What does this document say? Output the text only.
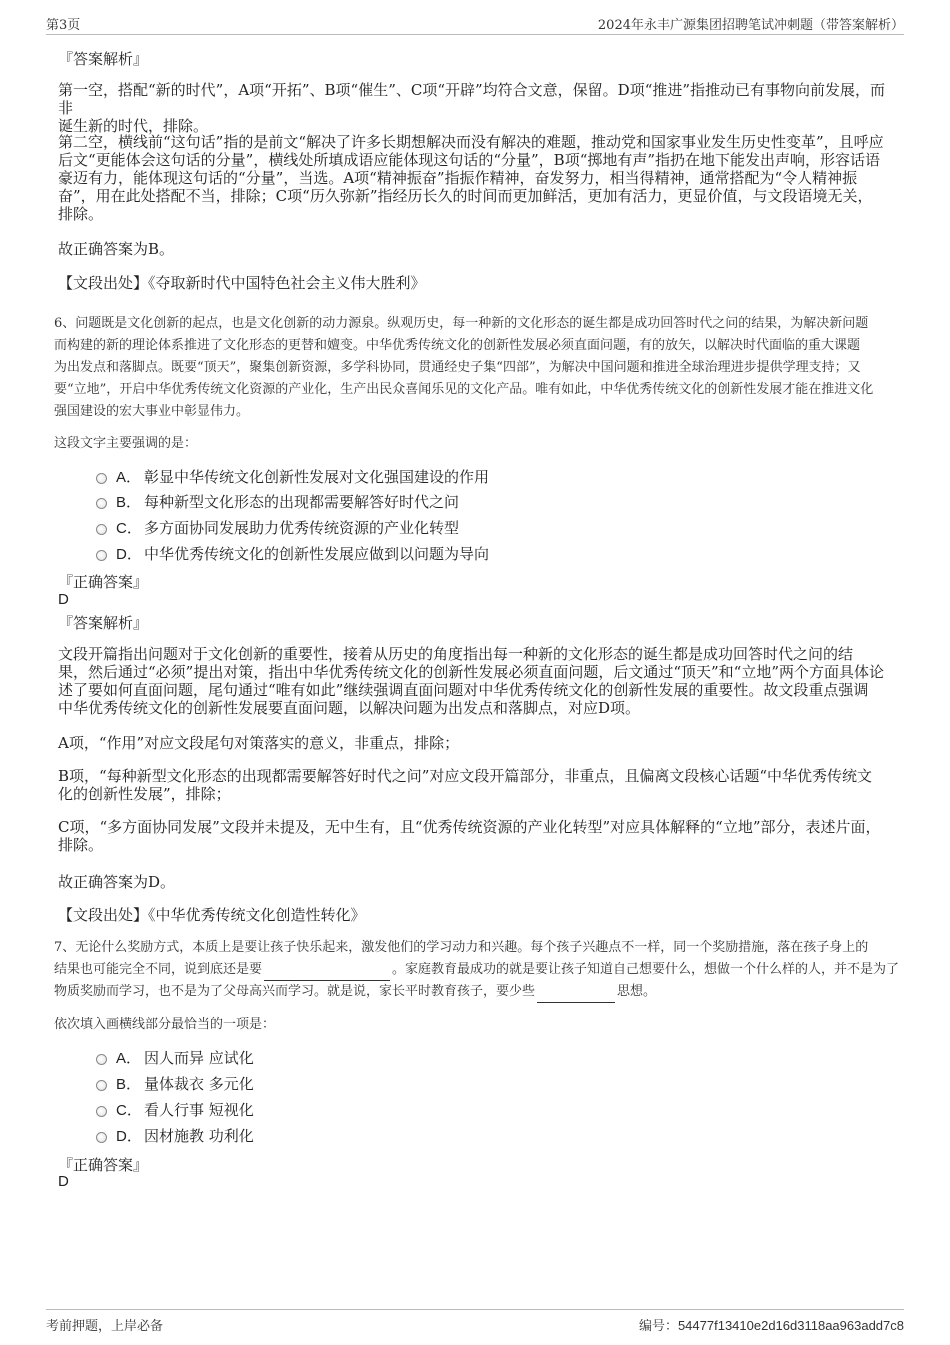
第3页	2024年永丰广源集团招聘笔试冲刺题（带答案解析）
『答案解析』
第一空，搭配“新的时代”，A项“开拓”、B项“催生”、C项“开辟”均符合文意，保留。D项“推进”指推动已有事物向前发展，而非
诞生新的时代，排除。
第二空，横线前“这句话”指的是前文“解决了许多长期想解决而没有解决的难题，推动党和国家事业发生历史性变革”，且呼应
后文“更能体会这句话的分量”，横线处所填成语应能体现这句话的“分量”，B项“掷地有声”指扔在地下能发出声响，形容话语
豪迈有力，能体现这句话的“分量”，当选。A项“精神振奋”指振作精神，奋发努力，相当得精神，通常搭配为“令人精神振
奋”，用在此处搭配不当，排除；C项“历久弥新”指经历长久的时间而更加鲜活，更加有活力，更显价值，与文段语境无关，
排除。
故正确答案为B。
【文段出处】《夺取新时代中国特色社会主义伟大胜利》
6、问题既是文化创新的起点，也是文化创新的动力源泉。纵观历史，每一种新的文化形态的诞生都是成功回答时代之问的结果，为解决新问题
而构建的新的理论体系推进了文化形态的更替和嬗变。中华优秀传统文化的创新性发展必须直面问题，有的放矢，以解决时代面临的重大课题
为出发点和落脚点。既要“顶天”，聚集创新资源，多学科协同，贯通经史子集“四部”，为解决中国问题和推进全球治理进步提供学理支持；又
要“立地”，开启中华优秀传统文化资源的产业化，生产出民众喜闻乐见的文化产品。唯有如此，中华优秀传统文化的创新性发展才能在推进文化
强国建设的宏大事业中彰显伟力。
这段文字主要强调的是：
A． 彰显中华传统文化创新性发展对文化强国建设的作用
B． 每种新型文化形态的出现都需要解答好时代之问
C． 多方面协同发展助力优秀传统资源的产业化转型
D． 中华优秀传统文化的创新性发展应做到以问题为导向
『正确答案』
D
『答案解析』
文段开篇指出问题对于文化创新的重要性，接着从历史的角度指出每一种新的文化形态的诞生都是成功回答时代之问的结
果，然后通过“必须”提出对策，指出中华优秀传统文化的创新性发展必须直面问题，后文通过“顶天”和“立地”两个方面具体论
述了要如何直面问题，尾句通过“唯有如此”继续强调直面问题对中华优秀传统文化的创新性发展的重要性。故文段重点强调
中华优秀传统文化的创新性发展要直面问题，以解决问题为出发点和落脚点，对应D项。
A项，“作用”对应文段尾句对策落实的意义，非重点，排除；
B项，“每种新型文化形态的出现都需要解答好时代之问”对应文段开篇部分，非重点，且偏离文段核心话题“中华优秀传统文
化的创新性发展”，排除；
C项，“多方面协同发展”文段并未提及，无中生有，且“优秀传统资源的产业化转型”对应具体解释的“立地”部分，表述片面，
排除。
故正确答案为D。
【文段出处】《中华优秀传统文化创造性转化》
7、无论什么奖励方式，本质上是要让孩子快乐起来，激发他们的学习动力和兴趣。每个孩子兴趣点不一样，同一个奖励措施，落在孩子身上的
结果也可能完全不同，说到底还是要	。家庭教育最成功的就是要让孩子知道自己想要什么，想做一个什么样的人，并不是为了
物质奖励而学习，也不是为了父母高兴而学习。就是说，家长平时教育孩子，要少些	思想。
依次填入画横线部分最恰当的一项是：
A． 因人而异 应试化
B． 量体裁衣 多元化
C． 看人行事 短视化
D． 因材施教 功利化
『正确答案』
D
考前押题，上岸必备	编号：54477f13410e2d16d3118aa963add7c8
